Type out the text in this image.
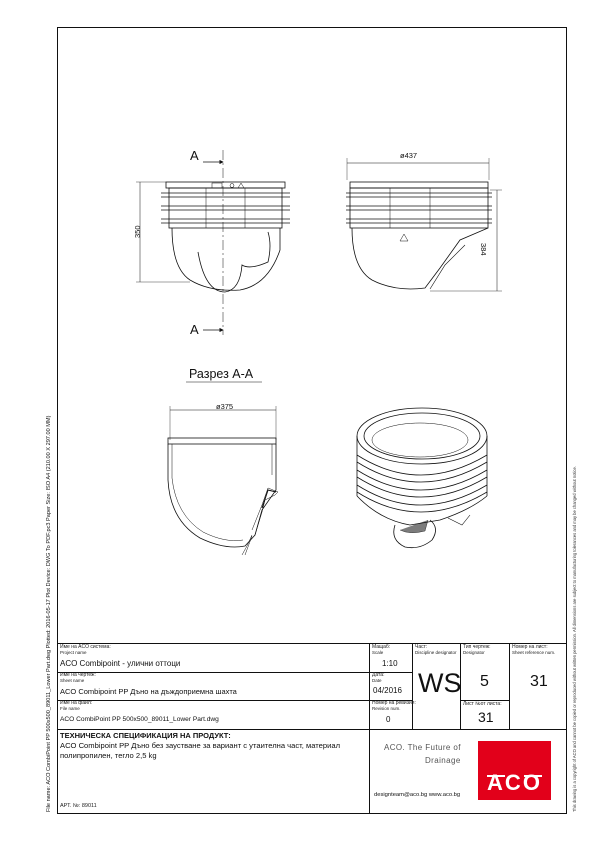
File name: ACO CombiPoint PP 500x500_89011_Lower Part.dwg Plotted: 2016-05-17 Plot Device: DWG To PDF.pc3 Paper Size: ISO A4 (210.00 X 297.00 MM)	This drawing is a copyright of ACO and cannot be copied or reproduced without written permission. All dimensions are subject to manufacturing tolerances and may be changed without notice.
A
A
350
ø437
384
Разрез А-А
ø375
Име на ACO система:
Project name
ACO Combipoint - улични оттоци
Име на чертеж:
Sheet name
ACO Combipoint PP Дъно на дъждоприемна шахта
Име на файл:
File name
ACO CombiPoint PP 500x500_89011_Lower Part.dwg
Мащаб:
Scale
1:10
Дата:
Date
04/2016
Номер на ревизия:
Revision num.
0
Част:
Discipline designator
WS
Тип чертеж:
Designator
5
Лист №от листа:
31
Номер на лист:
Sheet reference num.
31
ТЕХНИЧЕСКА СПЕЦИФИКАЦИЯ НА ПРОДУКТ:
ACO Combipoint PP Дъно без заустване за вариант с утаителна част, материал
полипропилен, тегло 2,5 kg
АРТ. №: 89011
ACO. The Future of
Drainage
designteam@aco.bg www.aco.bg	ACO
